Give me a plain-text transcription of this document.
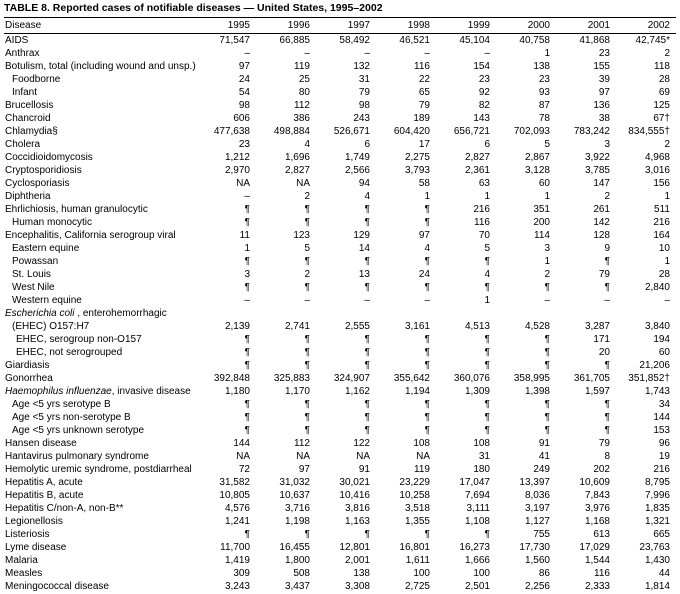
TABLE 8. Reported cases of notifiable diseases — United States, 1995–2002
Disease	1995	1996	1997	1998	1999	2000	2001	2002
AIDS	71,547	66,885	58,492	46,521	45,104	40,758	41,868	42,745*
Anthrax	–	–	–	–	–	1	23	2
Botulism, total (including wound and unsp.)	97	119	132	116	154	138	155	118
Foodborne	24	25	31	22	23	23	39	28
Infant	54	80	79	65	92	93	97	69
Brucellosis	98	112	98	79	82	87	136	125
Chancroid	606	386	243	189	143	78	38	67†
Chlamydia§	477,638	498,884	526,671	604,420	656,721	702,093	783,242	834,555†
Cholera	23	4	6	17	6	5	3	2
Coccidioidomycosis	1,212	1,696	1,749	2,275	2,827	2,867	3,922	4,968
Cryptosporidiosis	2,970	2,827	2,566	3,793	2,361	3,128	3,785	3,016
Cyclosporiasis	NA	NA	94	58	63	60	147	156
Diphtheria	–	2	4	1	1	1	2	1
Ehrlichiosis, human granulocytic	¶	¶	¶	¶	216	351	261	511
Human monocytic	¶	¶	¶	¶	116	200	142	216
Encephalitis, California serogroup viral	11	123	129	97	70	114	128	164
Eastern equine	1	5	14	4	5	3	9	10
Powassan	¶	¶	¶	¶	¶	1	¶	1
St. Louis	3	2	13	24	4	2	79	28
West Nile	¶	¶	¶	¶	¶	¶	¶	2,840
Western equine	–	–	–	–	1	–	–	–
Escherichia coli , enterohemorrhagic								
(EHEC) O157:H7	2,139	2,741	2,555	3,161	4,513	4,528	3,287	3,840
EHEC, serogroup non-O157	¶	¶	¶	¶	¶	¶	171	194
EHEC, not serogrouped	¶	¶	¶	¶	¶	¶	20	60
Giardiasis	¶	¶	¶	¶	¶	¶	¶	21,206
Gonorrhea	392,848	325,883	324,907	355,642	360,076	358,995	361,705	351,852†
Haemophilus influenzae, invasive disease	1,180	1,170	1,162	1,194	1,309	1,398	1,597	1,743
Age <5 yrs serotype B	¶	¶	¶	¶	¶	¶	¶	34
Age <5 yrs non-serotype B	¶	¶	¶	¶	¶	¶	¶	144
Age <5 yrs unknown serotype	¶	¶	¶	¶	¶	¶	¶	153
Hansen disease	144	112	122	108	108	91	79	96
Hantavirus pulmonary syndrome	NA	NA	NA	NA	31	41	8	19
Hemolytic uremic syndrome, postdiarrheal	72	97	91	119	180	249	202	216
Hepatitis A, acute	31,582	31,032	30,021	23,229	17,047	13,397	10,609	8,795
Hepatitis B, acute	10,805	10,637	10,416	10,258	7,694	8,036	7,843	7,996
Hepatitis C/non-A, non-B**	4,576	3,716	3,816	3,518	3,111	3,197	3,976	1,835
Legionellosis	1,241	1,198	1,163	1,355	1,108	1,127	1,168	1,321
Listeriosis	¶	¶	¶	¶	¶	755	613	665
Lyme disease	11,700	16,455	12,801	16,801	16,273	17,730	17,029	23,763
Malaria	1,419	1,800	2,001	1,611	1,666	1,560	1,544	1,430
Measles	309	508	138	100	100	86	116	44
Meningococcal disease	3,243	3,437	3,308	2,725	2,501	2,256	2,333	1,814
